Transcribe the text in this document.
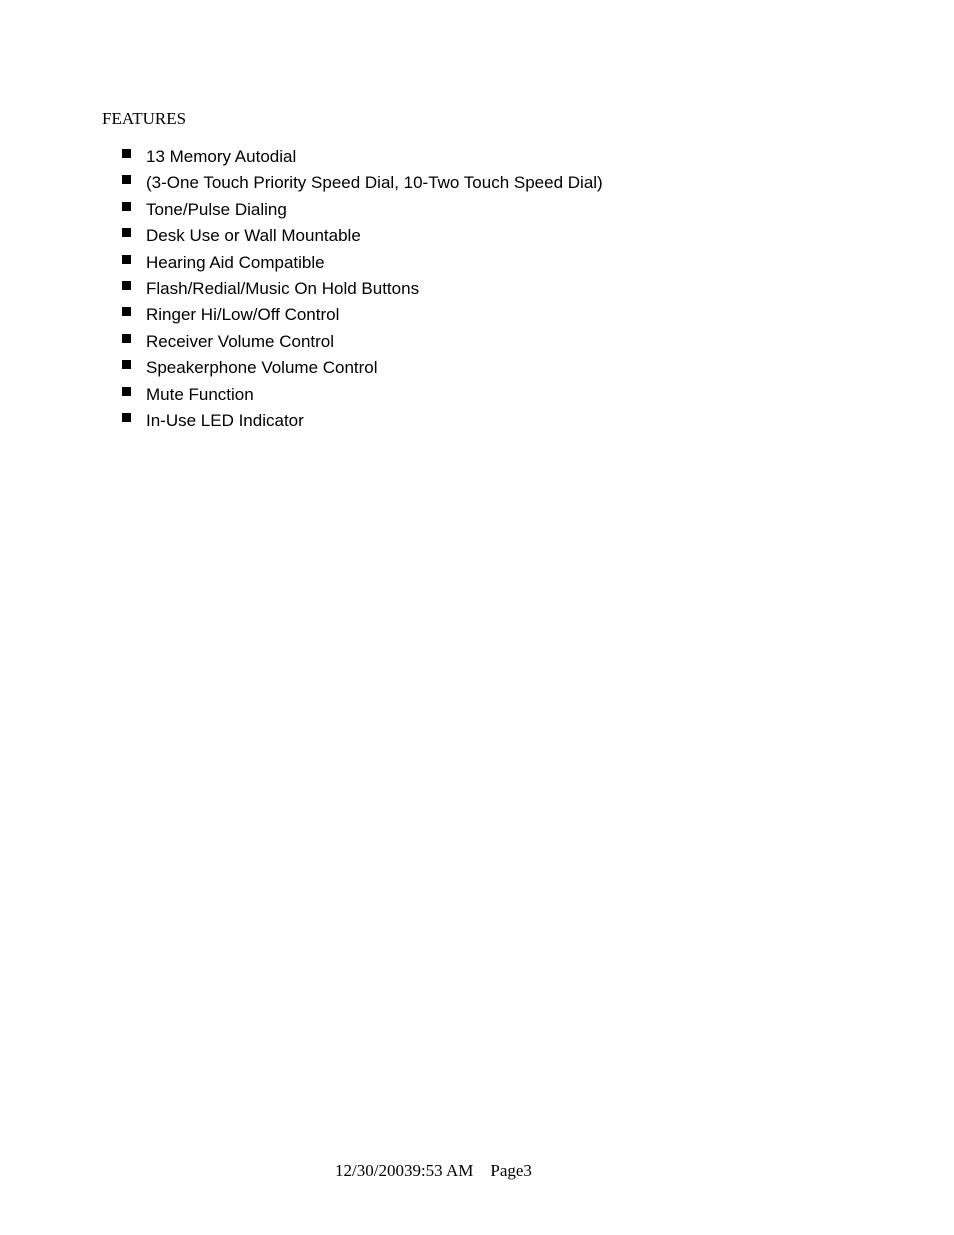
FEATURES
13 Memory Autodial
(3-One Touch Priority Speed Dial, 10-Two Touch Speed Dial)
Tone/Pulse Dialing
Desk Use or Wall Mountable
Hearing Aid Compatible
Flash/Redial/Music On Hold Buttons
Ringer Hi/Low/Off Control
Receiver Volume Control
Speakerphone Volume Control
Mute Function
In-Use LED Indicator
12/30/20039:53 AM Page3
